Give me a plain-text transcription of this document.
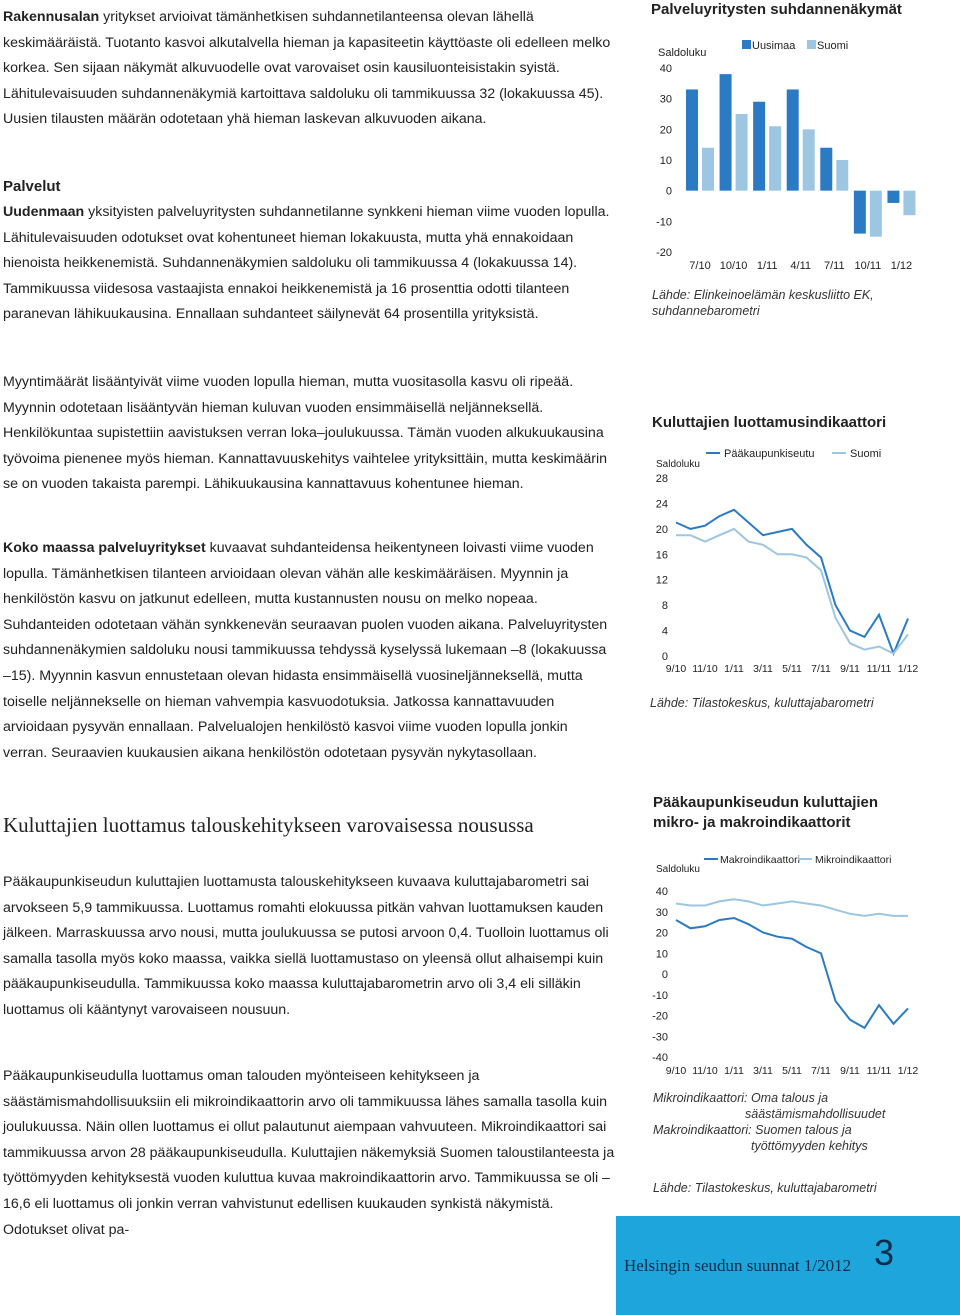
Rakennusalan yritykset arvioivat tämänhetkisen suhdannetilanteensa olevan lähellä keskimääräistä. Tuotanto kasvoi alkutalvella hieman ja kapasiteetin käyttöaste oli edelleen melko korkea. Sen sijaan näkymät alkuvuodelle ovat varovaiset osin kausiluonteisistakin syistä. Lähitulevaisuuden suhdannenäkymiä kartoittava saldoluku oli tammikuussa 32 (lokakuussa 45). Uusien tilausten määrän odotetaan yhä hieman laskevan alkuvuoden aikana.

Palvelut

Uudenmaan yksityisten palveluyritysten suhdannetilanne synkkeni hieman viime vuoden lopulla. Lähitulevaisuuden odotukset ovat kohentuneet hieman lokakuusta, mutta yhä ennakoidaan hienoista heikkenemistä. Suhdannenäkymien saldoluku oli tammikuussa 4 (lokakuussa 14). Tammikuussa viidesosa vastaajista ennakoi heikkenemistä ja 16 prosenttia odotti tilanteen paranevan lähikuukausina. Ennallaan suhdanteet säilynevät 64 prosentilla yrityksistä.

Myyntimäärät lisääntyivät viime vuoden lopulla hieman, mutta vuositasolla kasvu oli ripeää. Myynnin odotetaan lisääntyvän hieman kuluvan vuoden ensimmäisellä neljänneksellä. Henkilökuntaa supistettiin aavistuksen verran loka–joulukuussa. Tämän vuoden alkukuukausina työvoima pienenee myös hieman. Kannattavuuskehitys vaihtelee yrityksittäin, mutta keskimäärin se on vuoden takaista parempi. Lähikuukausina kannattavuus kohentunee hieman.

Koko maassa palveluyritykset kuvaavat suhdanteidensa heikentyneen loivasti viime vuoden lopulla. Tämänhetkisen tilanteen arvioidaan olevan vähän alle keskimääräisen. Myynnin ja henkilöstön kasvu on jatkunut edelleen, mutta kustannusten nousu on melko nopeaa. Suhdanteiden odotetaan vähän synkkenevän seuraavan puolen vuoden aikana. Palveluyritysten suhdannenäkymien saldoluku nousi tammikuussa tehdyssä kyselyssä lukemaan –8 (lokakuussa –15). Myynnin kasvun ennustetaan olevan hidasta ensimmäisellä vuosineljänneksellä, mutta toiselle neljännekselle on hieman vahvempia kasvuodotuksia. Jatkossa kannattavuuden arvioidaan pysyvän ennallaan. Palvelualojen henkilöstö kasvoi viime vuoden lopulla jonkin verran. Seuraavien kuukausien aikana henkilöstön odotetaan pysyvän nykytasollaan.

Kuluttajien luottamus talouskehitykseen varovaisessa nousussa

Pääkaupunkiseudun kuluttajien luottamusta talouskehitykseen kuvaava kuluttajabarometri sai arvokseen 5,9 tammikuussa. Luottamus romahti elokuussa pitkän vahvan luottamuksen kauden jälkeen. Marraskuussa arvo nousi, mutta joulukuussa se putosi arvoon 0,4. Tuolloin luottamus oli samalla tasolla myös koko maassa, vaikka siellä luottamustaso on yleensä ollut alhaisempi kuin pääkaupunkiseudulla. Tammikuussa koko maassa kuluttajabarometrin arvo oli 3,4 eli silläkin luottamus oli kääntynyt varovaiseen nousuun.

Pääkaupunkiseudulla luottamus oman talouden myönteiseen kehitykseen ja säästämismahdollisuuksiin eli mikroindikaattorin arvo oli tammikuussa lähes samalla tasolla kuin joulukuussa. Näin ollen luottamus ei ollut palautunut aiempaan vahvuuteen. Mikroindikaattori sai tammikuussa arvon 28 pääkaupunkiseudulla. Kuluttajien näkemyksiä Suomen taloustilanteesta ja työttömyyden kehityksestä vuoden kuluttua kuvaa makroindikaattorin arvo. Tammikuussa se oli –16,6 eli luottamus oli jonkin verran vahvistunut edellisen kuukauden synkistä näkymistä. Odotukset olivat pa-

Palveluyritysten suhdannenäkymät
Saldoluku
Uusimaa Suomi
40
30
20
10
0
-10
-20
7/10 10/10 1/11 4/11 7/11 10/11 1/12
Lähde: Elinkeinoelämän keskusliitto EK, suhdannebarometri
Kuluttajien luottamusindikaattori
Saldoluku
Pääkaupunkiseutu	Suomi
28
24
20
16
12
8
4
0
9/10 11/10 1/11 3/11 5/11 7/11 9/11 11/11 1/12
Lähde: Tilastokeskus, kuluttajabarometri
Pääkaupunkiseudun kuluttajien
mikro- ja makroindikaattorit
Saldoluku
Makroindikaattori Mikroindikaattori
40
30
20
10
0
-10
-20
-30
-40
9/10 11/10 1/11 3/11 5/11 7/11 9/11 11/11 1/12
Mikroindikaattori: Oma talous ja
säästämismahdollisuudet
Makroindikaattori: Suomen talous ja
työttömyyden kehitys
Lähde: Tilastokeskus, kuluttajabarometri
Helsingin seudun suunnat 1/2012 3
